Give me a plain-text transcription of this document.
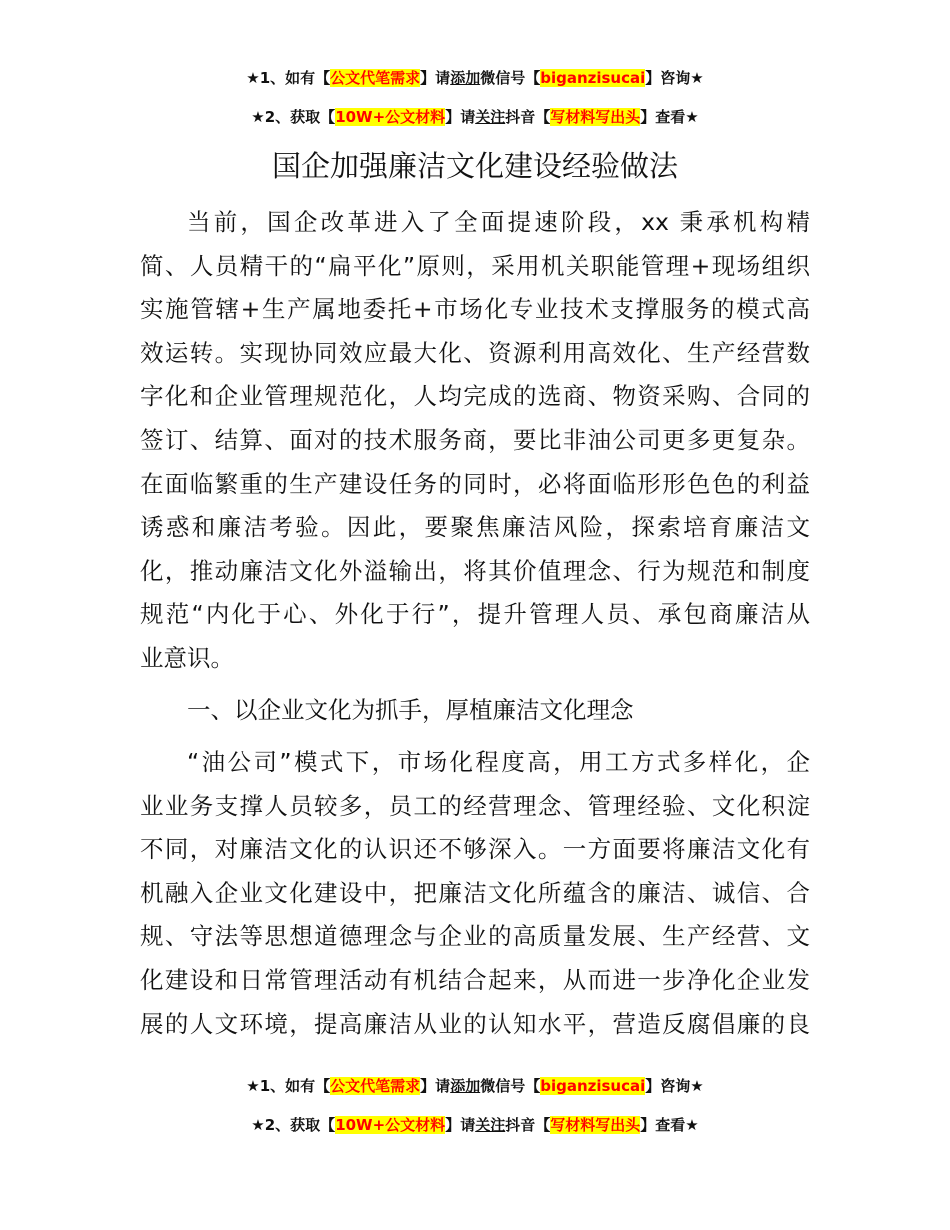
★1、如有【公文代笔需求】请添加微信号【biganzisucai】咨询★
★2、获取【10W+公文材料】请关注抖音【写材料写出头】查看★
国企加强廉洁文化建设经验做法
当前，国企改革进入了全面提速阶段，xx 秉承机构精
简、人员精干的“扁平化”原则，采用机关职能管理+现场组织
实施管辖+生产属地委托+市场化专业技术支撑服务的模式高
效运转。实现协同效应最大化、资源利用高效化、生产经营数
字化和企业管理规范化，人均完成的选商、物资采购、合同的
签订、结算、面对的技术服务商，要比非油公司更多更复杂。
在面临繁重的生产建设任务的同时，必将面临形形色色的利益
诱惑和廉洁考验。因此，要聚焦廉洁风险，探索培育廉洁文
化，推动廉洁文化外溢输出，将其价值理念、行为规范和制度
规范“内化于心、外化于行”，提升管理人员、承包商廉洁从
业意识。
一、以企业文化为抓手，厚植廉洁文化理念
“油公司”模式下，市场化程度高，用工方式多样化，企
业业务支撑人员较多，员工的经营理念、管理经验、文化积淀
不同，对廉洁文化的认识还不够深入。一方面要将廉洁文化有
机融入企业文化建设中，把廉洁文化所蕴含的廉洁、诚信、合
规、守法等思想道德理念与企业的高质量发展、生产经营、文
化建设和日常管理活动有机结合起来，从而进一步净化企业发
展的人文环境，提高廉洁从业的认知水平，营造反腐倡廉的良
★1、如有【公文代笔需求】请添加微信号【biganzisucai】咨询★
★2、获取【10W+公文材料】请关注抖音【写材料写出头】查看★
